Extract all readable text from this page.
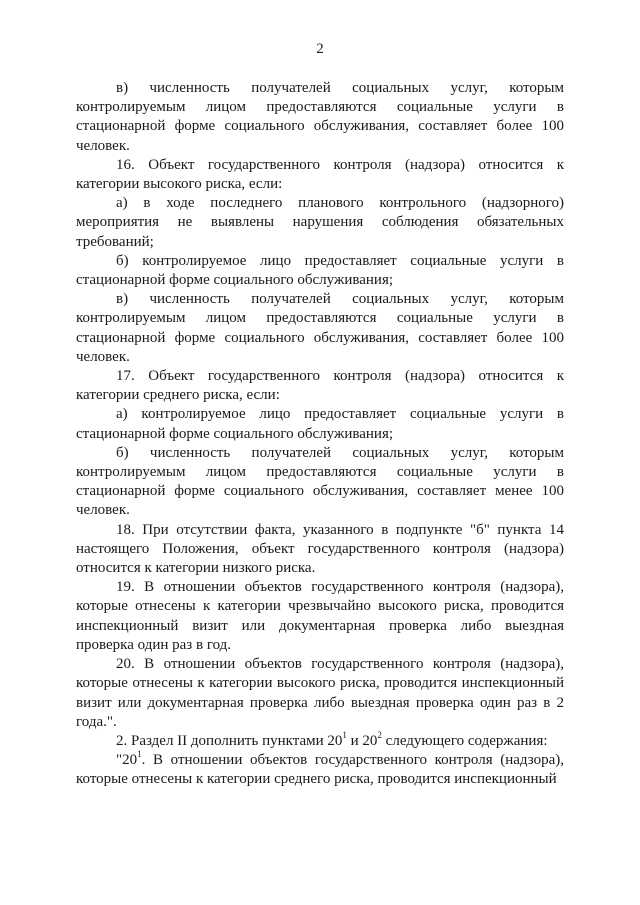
2

в) численность получателей социальных услуг, которым контролируемым лицом предоставляются социальные услуги в стационарной форме социального обслуживания, составляет более 100 человек.

16. Объект государственного контроля (надзора) относится к категории высокого риска, если:

а) в ходе последнего планового контрольного (надзорного) мероприятия не выявлены нарушения соблюдения обязательных требований;

б) контролируемое лицо предоставляет социальные услуги в стационарной форме социального обслуживания;

в) численность получателей социальных услуг, которым контролируемым лицом предоставляются социальные услуги в стационарной форме социального обслуживания, составляет более 100 человек.

17. Объект государственного контроля (надзора) относится к категории среднего риска, если:

а) контролируемое лицо предоставляет социальные услуги в стационарной форме социального обслуживания;

б) численность получателей социальных услуг, которым контролируемым лицом предоставляются социальные услуги в стационарной форме социального обслуживания, составляет менее 100 человек.

18. При отсутствии факта, указанного в подпункте "б" пункта 14 настоящего Положения, объект государственного контроля (надзора) относится к категории низкого риска.

19. В отношении объектов государственного контроля (надзора), которые отнесены к категории чрезвычайно высокого риска, проводится инспекционный визит или документарная проверка либо выездная проверка один раз в год.

20. В отношении объектов государственного контроля (надзора), которые отнесены к категории высокого риска, проводится инспекционный визит или документарная проверка либо выездная проверка один раз в 2 года.".

2. Раздел II дополнить пунктами $20^1$ и $20^2$ следующего содержания:

"$20^1$. В отношении объектов государственного контроля (надзора), которые отнесены к категории среднего риска, проводится инспекционный
